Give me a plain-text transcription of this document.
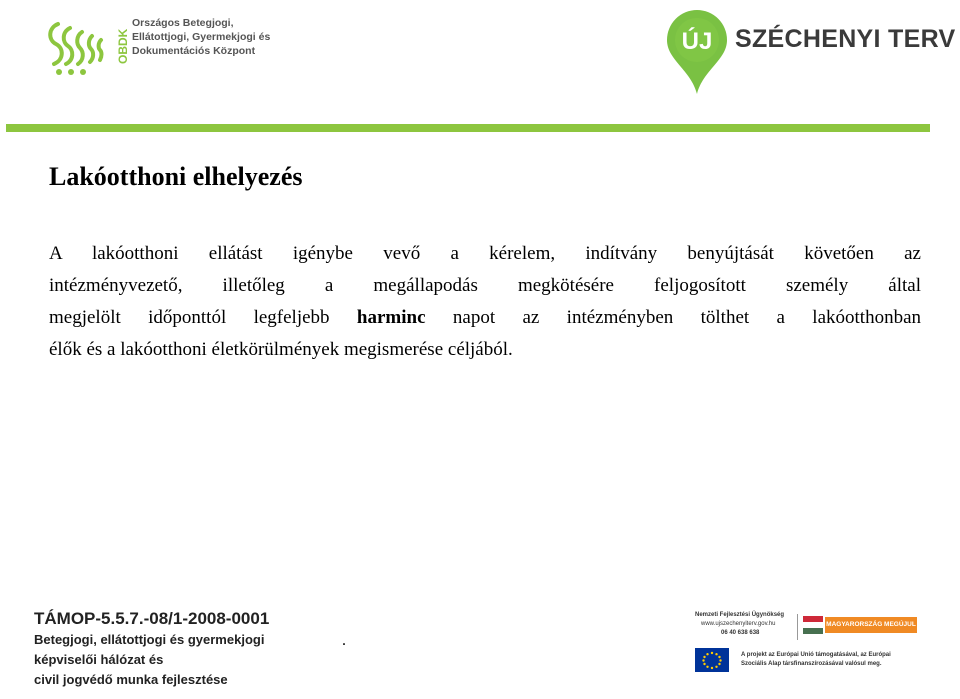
OBDK
Országos Betegjogi,
Ellátottjogi, Gyermekjogi és
Dokumentációs Központ	ÚJ SZÉCHENYI TERV
Lakóotthoni elhelyezés
A lakóotthoni ellátást igénybe vevő a kérelem, indítvány benyújtását követően az
intézményvezető, illetőleg a megállapodás megkötésére feljogosított személy által
megjelölt időponttól legfeljebb harminc napot az intézményben tölthet a lakóotthonban
élők és a lakóotthoni életkörülmények megismerése céljából.
TÁMOP-5.5.7.-08/1-2008-0001
Betegjogi, ellátottjogi és gyermekjogi
képviselői hálózat és
civil jogvédő munka fejlesztése
.
Nemzeti Fejlesztési Ügynökség
www.ujszechenyiterv.gov.hu
06 40 638 638
MAGYARORSZÁG MEGÚJUL
A projekt az Európai Unió támogatásával, az Európai
Szociális Alap társfinanszírozásával valósul meg.
